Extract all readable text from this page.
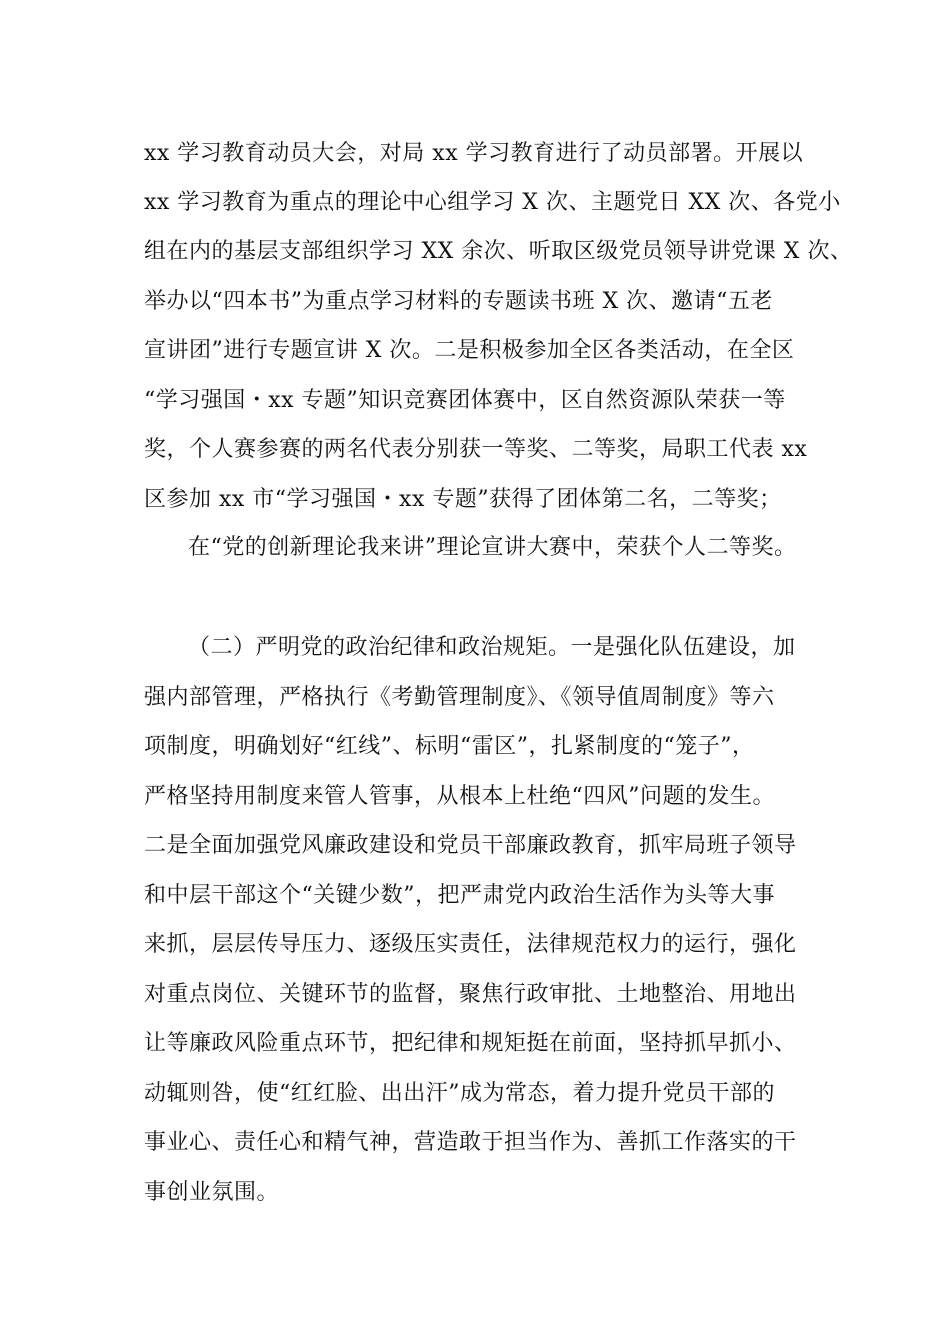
xx 学习教育动员大会，对局 xx 学习教育进行了动员部署。开展以
xx 学习教育为重点的理论中心组学习 X 次、主题党日 XX 次、各党小
组在内的基层支部组织学习 XX 余次、听取区级党员领导讲党课 X 次、
举办以“四本书”为重点学习材料的专题读书班 X 次、邀请“五老
宣讲团”进行专题宣讲 X 次。二是积极参加全区各类活动，在全区
“学习强国・xx 专题”知识竞赛团体赛中，区自然资源队荣获一等
奖，个人赛参赛的两名代表分别获一等奖、二等奖，局职工代表 xx
区参加 xx 市“学习强国・xx 专题”获得了团体第二名，二等奖；
在“党的创新理论我来讲”理论宣讲大赛中，荣获个人二等奖。
（二）严明党的政治纪律和政治规矩。一是强化队伍建设，加
强内部管理，严格执行《考勤管理制度》、《领导值周制度》等六
项制度，明确划好“红线”、标明“雷区”，扎紧制度的“笼子”，
严格坚持用制度来管人管事，从根本上杜绝“四风”问题的发生。
二是全面加强党风廉政建设和党员干部廉政教育，抓牢局班子领导
和中层干部这个“关键少数”，把严肃党内政治生活作为头等大事
来抓，层层传导压力、逐级压实责任，法律规范权力的运行，强化
对重点岗位、关键环节的监督，聚焦行政审批、土地整治、用地出
让等廉政风险重点环节，把纪律和规矩挺在前面，坚持抓早抓小、
动辄则咎，使“红红脸、出出汗”成为常态，着力提升党员干部的
事业心、责任心和精气神，营造敢于担当作为、善抓工作落实的干
事创业氛围。
